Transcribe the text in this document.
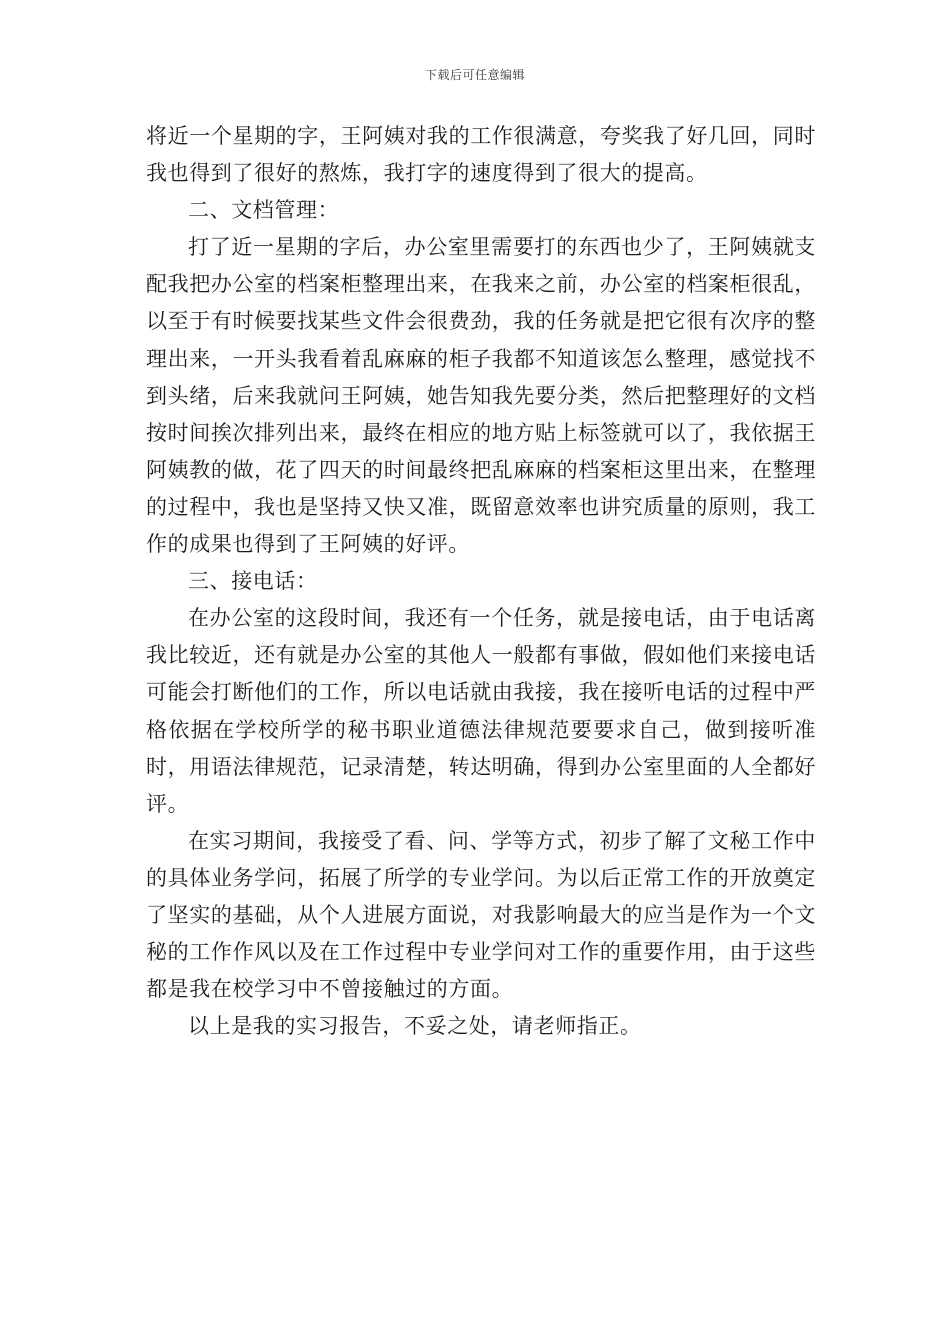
下载后可任意编辑

将近一个星期的字，王阿姨对我的工作很满意，夸奖我了好几回，同时我也得到了很好的熬炼，我打字的速度得到了很大的提高。

二、文档管理：

打了近一星期的字后，办公室里需要打的东西也少了，王阿姨就支配我把办公室的档案柜整理出来，在我来之前，办公室的档案柜很乱，以至于有时候要找某些文件会很费劲，我的任务就是把它很有次序的整理出来，一开头我看着乱麻麻的柜子我都不知道该怎么整理，感觉找不到头绪，后来我就问王阿姨，她告知我先要分类，然后把整理好的文档按时间挨次排列出来，最终在相应的地方贴上标签就可以了，我依据王阿姨教的做，花了四天的时间最终把乱麻麻的档案柜这里出来，在整理的过程中，我也是坚持又快又准，既留意效率也讲究质量的原则，我工作的成果也得到了王阿姨的好评。

三、接电话：

在办公室的这段时间，我还有一个任务，就是接电话，由于电话离我比较近，还有就是办公室的其他人一般都有事做，假如他们来接电话可能会打断他们的工作，所以电话就由我接，我在接听电话的过程中严格依据在学校所学的秘书职业道德法律规范要要求自己，做到接听准时，用语法律规范，记录清楚，转达明确，得到办公室里面的人全都好评。

在实习期间，我接受了看、问、学等方式，初步了解了文秘工作中的具体业务学问，拓展了所学的专业学问。为以后正常工作的开放奠定了坚实的基础，从个人进展方面说，对我影响最大的应当是作为一个文秘的工作作风以及在工作过程中专业学问对工作的重要作用，由于这些都是我在校学习中不曾接触过的方面。

以上是我的实习报告，不妥之处，请老师指正。
